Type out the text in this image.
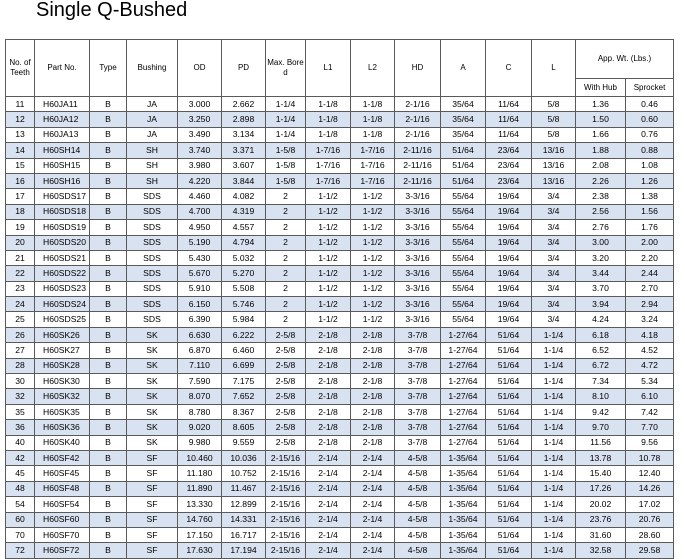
Single Q-Bushed
No. of Teeth	Part No.	Type	Bushing	OD	PD	Max. Bore d	L1	L2	HD	A	C	L	App. Wt. (Lbs.)	
													With Hub	Sprocket
11	H60JA11	B	JA	3.000	2.662	1-1/4	1-1/8	1-1/8	2-1/16	35/64	11/64	5/8	1.36	0.46
12	H60JA12	B	JA	3.250	2.898	1-1/4	1-1/8	1-1/8	2-1/16	35/64	11/64	5/8	1.50	0.60
13	H60JA13	B	JA	3.490	3.134	1-1/4	1-1/8	1-1/8	2-1/16	35/64	11/64	5/8	1.66	0.76
14	H60SH14	B	SH	3.740	3.371	1-5/8	1-7/16	1-7/16	2-11/16	51/64	23/64	13/16	1.88	0.88
15	H60SH15	B	SH	3.980	3.607	1-5/8	1-7/16	1-7/16	2-11/16	51/64	23/64	13/16	2.08	1.08
16	H60SH16	B	SH	4.220	3.844	1-5/8	1-7/16	1-7/16	2-11/16	51/64	23/64	13/16	2.26	1.26
17	H60SDS17	B	SDS	4.460	4.082	2	1-1/2	1-1/2	3-3/16	55/64	19/64	3/4	2.38	1.38
18	H60SDS18	B	SDS	4.700	4.319	2	1-1/2	1-1/2	3-3/16	55/64	19/64	3/4	2.56	1.56
19	H60SDS19	B	SDS	4.950	4.557	2	1-1/2	1-1/2	3-3/16	55/64	19/64	3/4	2.76	1.76
20	H60SDS20	B	SDS	5.190	4.794	2	1-1/2	1-1/2	3-3/16	55/64	19/64	3/4	3.00	2.00
21	H60SDS21	B	SDS	5.430	5.032	2	1-1/2	1-1/2	3-3/16	55/64	19/64	3/4	3.20	2.20
22	H60SDS22	B	SDS	5.670	5.270	2	1-1/2	1-1/2	3-3/16	55/64	19/64	3/4	3.44	2.44
23	H60SDS23	B	SDS	5.910	5.508	2	1-1/2	1-1/2	3-3/16	55/64	19/64	3/4	3.70	2.70
24	H60SDS24	B	SDS	6.150	5.746	2	1-1/2	1-1/2	3-3/16	55/64	19/64	3/4	3.94	2.94
25	H60SDS25	B	SDS	6.390	5.984	2	1-1/2	1-1/2	3-3/16	55/64	19/64	3/4	4.24	3.24
26	H60SK26	B	SK	6.630	6.222	2-5/8	2-1/8	2-1/8	3-7/8	1-27/64	51/64	1-1/4	6.18	4.18
27	H60SK27	B	SK	6.870	6.460	2-5/8	2-1/8	2-1/8	3-7/8	1-27/64	51/64	1-1/4	6.52	4.52
28	H60SK28	B	SK	7.110	6.699	2-5/8	2-1/8	2-1/8	3-7/8	1-27/64	51/64	1-1/4	6.72	4.72
30	H60SK30	B	SK	7.590	7.175	2-5/8	2-1/8	2-1/8	3-7/8	1-27/64	51/64	1-1/4	7.34	5.34
32	H60SK32	B	SK	8.070	7.652	2-5/8	2-1/8	2-1/8	3-7/8	1-27/64	51/64	1-1/4	8.10	6.10
35	H60SK35	B	SK	8.780	8.367	2-5/8	2-1/8	2-1/8	3-7/8	1-27/64	51/64	1-1/4	9.42	7.42
36	H60SK36	B	SK	9.020	8.605	2-5/8	2-1/8	2-1/8	3-7/8	1-27/64	51/64	1-1/4	9.70	7.70
40	H60SK40	B	SK	9.980	9.559	2-5/8	2-1/8	2-1/8	3-7/8	1-27/64	51/64	1-1/4	11.56	9.56
42	H60SF42	B	SF	10.460	10.036	2-15/16	2-1/4	2-1/4	4-5/8	1-35/64	51/64	1-1/4	13.78	10.78
45	H60SF45	B	SF	11.180	10.752	2-15/16	2-1/4	2-1/4	4-5/8	1-35/64	51/64	1-1/4	15.40	12.40
48	H60SF48	B	SF	11.890	11.467	2-15/16	2-1/4	2-1/4	4-5/8	1-35/64	51/64	1-1/4	17.26	14.26
54	H60SF54	B	SF	13.330	12.899	2-15/16	2-1/4	2-1/4	4-5/8	1-35/64	51/64	1-1/4	20.02	17.02
60	H60SF60	B	SF	14.760	14.331	2-15/16	2-1/4	2-1/4	4-5/8	1-35/64	51/64	1-1/4	23.76	20.76
70	H60SF70	B	SF	17.150	16.717	2-15/16	2-1/4	2-1/4	4-5/8	1-35/64	51/64	1-1/4	31.60	28.60
72	H60SF72	B	SF	17.630	17.194	2-15/16	2-1/4	2-1/4	4-5/8	1-35/64	51/64	1-1/4	32.58	29.58
